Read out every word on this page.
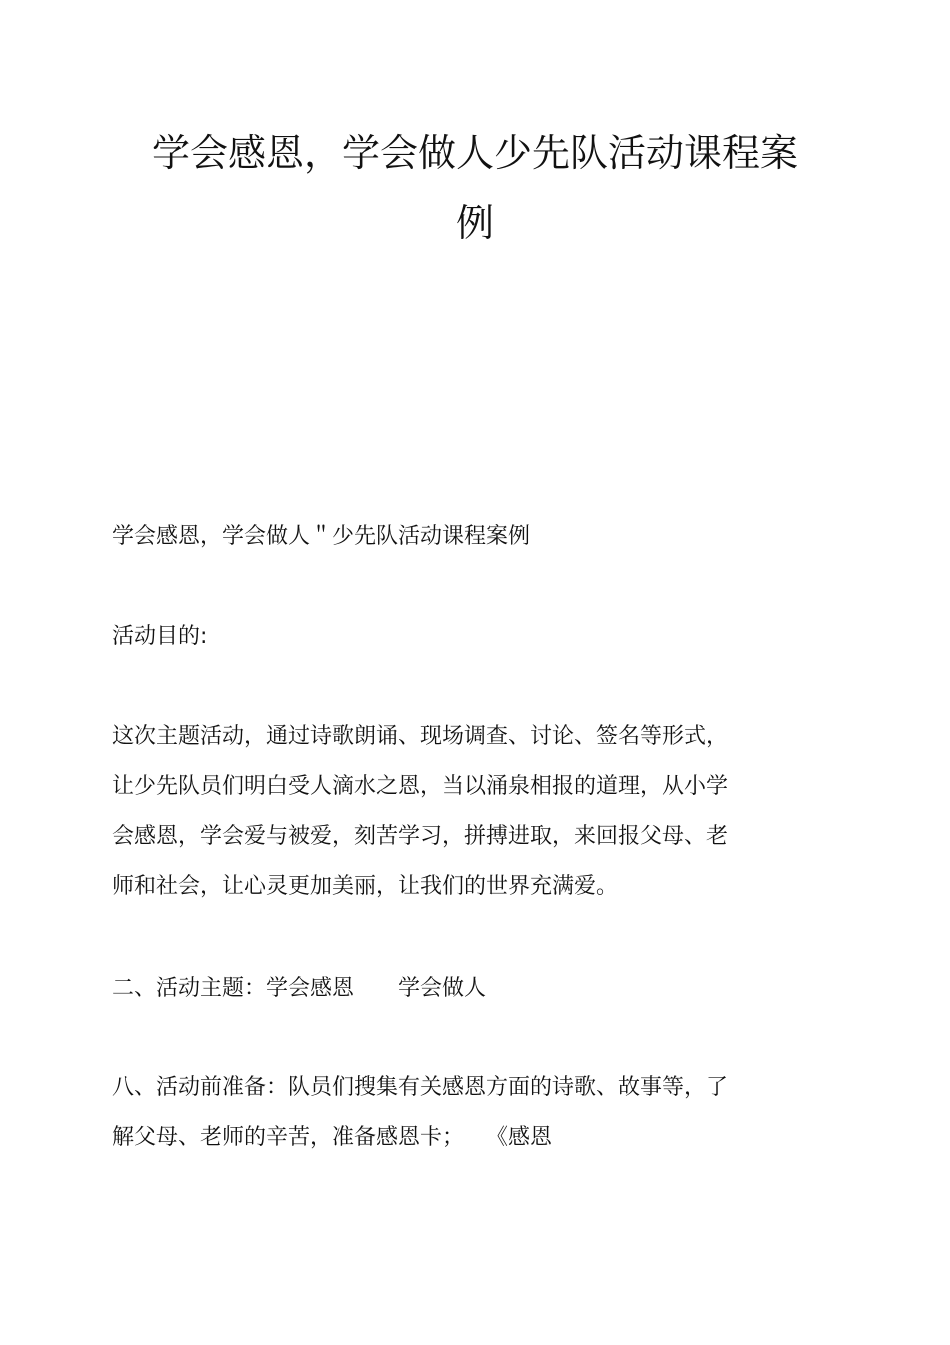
学会感恩，学会做人少先队活动课程案
例
学会感恩，学会做人＂少先队活动课程案例
活动目的:
这次主题活动，通过诗歌朗诵、现场调查、讨论、签名等形式，
让少先队员们明白受人滴水之恩，当以涌泉相报的道理，从小学
会感恩，学会爱与被爱，刻苦学习，拼搏进取，来回报父母、老
师和社会，让心灵更加美丽，让我们的世界充满爱。
二、活动主题：学会感恩　　学会做人
八、活动前准备：队员们搜集有关感恩方面的诗歌、故事等，了
解父母、老师的辛苦，准备感恩卡；　　《感恩
